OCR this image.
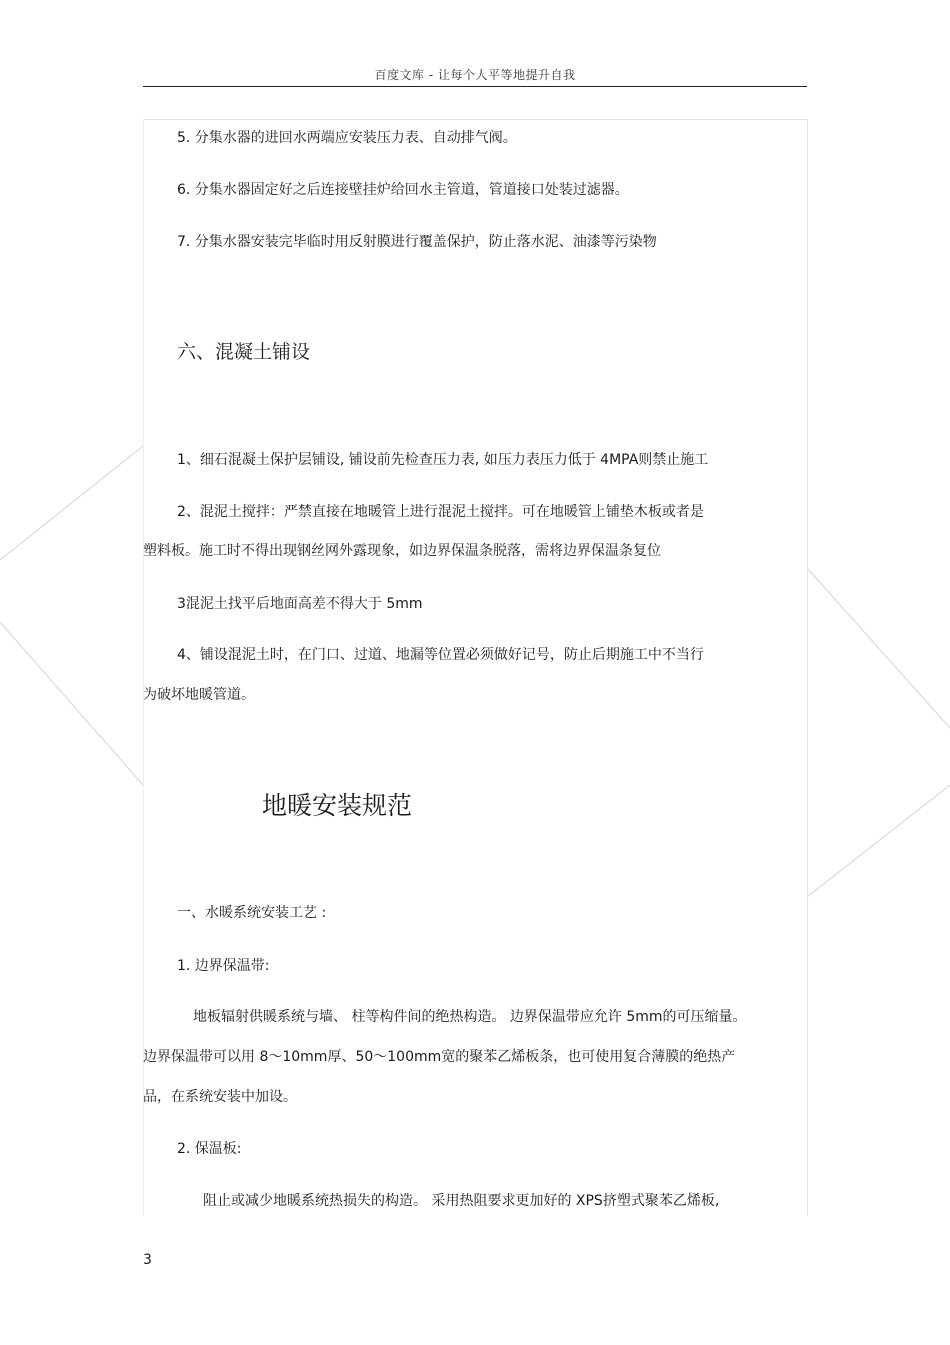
百度文库 - 让每个人平等地提升自我
5. 分集水器的进回水两端应安装压力表、自动排气阀。
6. 分集水器固定好之后连接壁挂炉给回水主管道，管道接口处装过滤器。
7. 分集水器安装完毕临时用反射膜进行覆盖保护，防止落水泥、油漆等污染物
六、混凝土铺设
1、细石混凝土保护层铺设, 铺设前先检查压力表, 如压力表压力低于 4MPA则禁止施工
2、混泥土搅拌：严禁直接在地暖管上进行混泥土搅拌。可在地暖管上铺垫木板或者是
塑料板。施工时不得出现钢丝网外露现象，如边界保温条脱落，需将边界保温条复位
3混泥土找平后地面高差不得大于 5mm
4、铺设混泥土时，在门口、过道、地漏等位置必须做好记号，防止后期施工中不当行
为破坏地暖管道。
地暖安装规范
一、水暖系统安装工艺 :
1. 边界保温带:
地板辐射供暖系统与墙、 柱等构件间的绝热构造。 边界保温带应允许 5mm的可压缩量。
边界保温带可以用 8～10mm厚、50～100mm宽的聚苯乙烯板条，也可使用复合薄膜的绝热产
品，在系统安装中加设。
2. 保温板:
阻止或减少地暖系统热损失的构造。 采用热阻要求更加好的 XPS挤塑式聚苯乙烯板,
3
